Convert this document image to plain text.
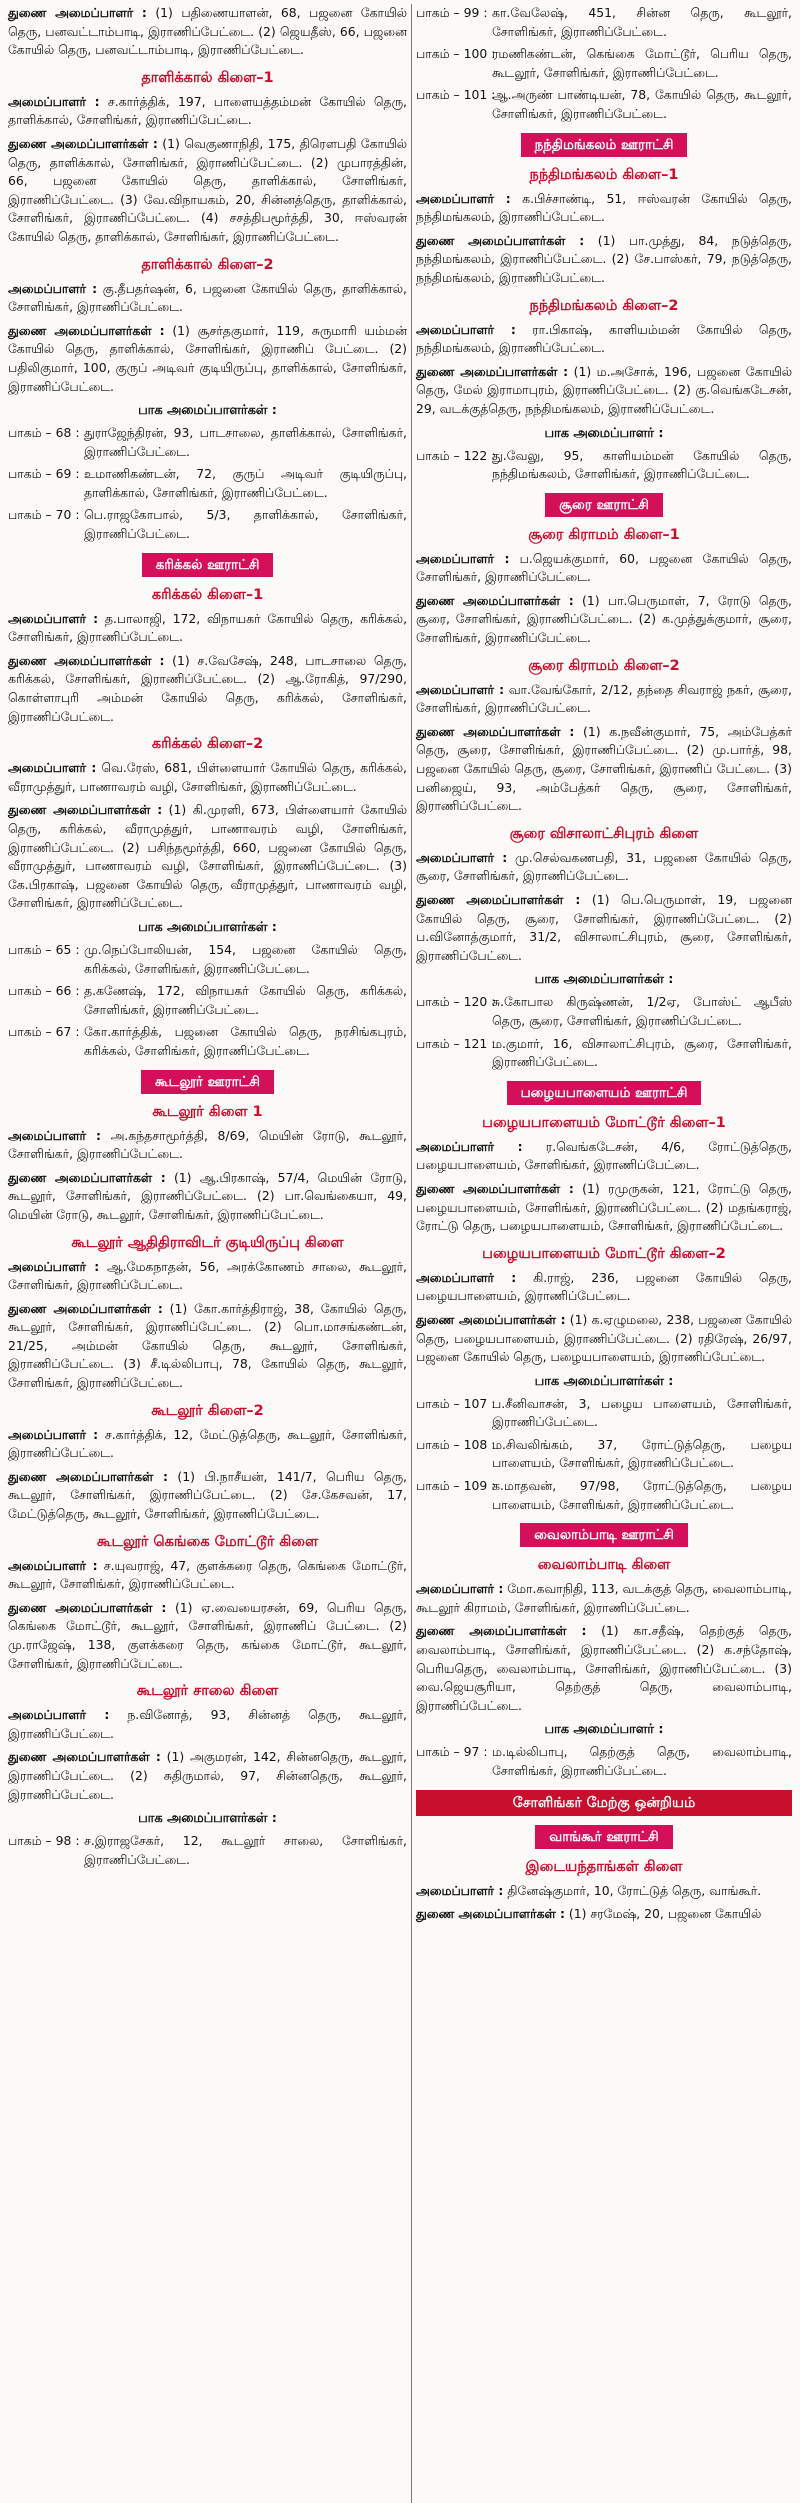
துணை அமைப்பாளர் : (1) பதிணையாளன், 68, பஜனை கோயில் தெரு, பனவட்டாம்பாடி, இராணிப்பேட்டை. (2) ஜெயதீஸ், 66, பஜனை கோயில் தெரு, பனவட்டாம்பாடி, இராணிப்பேட்டை.

தாளிக்கால் கிளை–1

அமைப்பாளர் : ச.கார்த்திக், 197, பாளையத்தம்மன் கோயில் தெரு, தாளிக்கால், சோளிங்கர், இராணிப்பேட்டை.

துணை அமைப்பாளர்கள் : (1) வெகுணாநிதி, 175, திரௌபதி கோயில் தெரு, தாளிக்கால், சோளிங்கர், இராணிப்பேட்டை. (2) முபாரத்தின், 66, பஜனை கோயில் தெரு, தாளிக்கால், சோளிங்கர், இராணிப்பேட்டை. (3) வே.விநாயகம், 20, சின்னத்தெரு, தாளிக்கால், சோளிங்கர், இராணிப்பேட்டை. (4) சசத்திபமூர்த்தி, 30, ஈஸ்வரன் கோயில் தெரு, தாளிக்கால், சோளிங்கர், இராணிப்பேட்டை.

தாளிக்கால் கிளை–2

அமைப்பாளர் : கு.தீபதர்ஷன், 6, பஜனை கோயில் தெரு, தாளிக்கால், சோளிங்கர், இராணிப்பேட்டை.

துணை அமைப்பாளர்கள் : (1) சூசர்தகுமார், 119, சுருமாரி யம்மன் கோயில் தெரு, தாளிக்கால், சோளிங்கர், இராணிப் பேட்டை. (2) பதிலிகுமார், 100, குருப் அடிவர் குடியிருப்பு, தாளிக்கால், சோளிங்கர், இராணிப்பேட்டை.

பாக அமைப்பாளர்கள் :
பாகம் – 68 : துராஜேந்திரன், 93, பாடசாலை, தாளிக்கால், சோளிங்கர், இராணிப்பேட்டை.
பாகம் – 69 : உமாணிகண்டன், 72, குருப் அடிவர் குடியிருப்பு, தாளிக்கால், சோளிங்கர், இராணிப்பேட்டை.
பாகம் – 70 : பெ.ராஜகோபால், 5/3, தாளிக்கால், சோளிங்கர், இராணிப்பேட்டை.
கரிக்கல் ஊராட்சி
கரிக்கல் கிளை–1

அமைப்பாளர் : த.பாலாஜி, 172, விநாயகர் கோயில் தெரு, கரிக்கல், சோளிங்கர், இராணிப்பேட்டை.

துணை அமைப்பாளர்கள் : (1) ச.வேசேஷ், 248, பாடசாலை தெரு, கரிக்கல், சோளிங்கர், இராணிப்பேட்டை. (2) ஆ.ரோகித், 97/290, கொள்ளாபுரி அம்மன் கோயில் தெரு, கரிக்கல், சோளிங்கர், இராணிப்பேட்டை.

கரிக்கல் கிளை–2

அமைப்பாளர் : வெ.ரேஸ், 681, பிள்ளையார் கோயில் தெரு, கரிக்கல், வீராமுத்துர், பாணாவரம் வழி, சோளிங்கர், இராணிப்பேட்டை.

துணை அமைப்பாளர்கள் : (1) கி.முரளி, 673, பிள்ளையார் கோயில் தெரு, கரிக்கல், வீராமுத்துர், பாணாவரம் வழி, சோளிங்கர், இராணிப்பேட்டை. (2) பசிந்தமூர்த்தி, 660, பஜனை கோயில் தெரு, வீராமுத்துர், பாணாவரம் வழி, சோளிங்கர், இராணிப்பேட்டை. (3) கே.பிரகாஷ், பஜனை கோயில் தெரு, வீராமுத்துர், பாணாவரம் வழி, சோளிங்கர், இராணிப்பேட்டை.

பாக அமைப்பாளர்கள் :
பாகம் – 65 : மு.நெப்போலியன், 154, பஜனை கோயில் தெரு, கரிக்கல், சோளிங்கர், இராணிப்பேட்டை.
பாகம் – 66 : த.கணேஷ், 172, விநாயகர் கோயில் தெரு, கரிக்கல், சோளிங்கர், இராணிப்பேட்டை.
பாகம் – 67 : கோ.கார்த்திக், பஜனை கோயில் தெரு, நரசிங்கபுரம், கரிக்கல், சோளிங்கர், இராணிப்பேட்டை.
கூடலூர் ஊராட்சி
கூடலூர் கிளை 1

அமைப்பாளர் : அ.கந்தசாமூர்த்தி, 8/69, மெயின் ரோடு, கூடலூர், சோளிங்கர், இராணிப்பேட்டை.

துணை அமைப்பாளர்கள் : (1) ஆ.பிரகாஷ், 57/4, மெயின் ரோடு, கூடலூர், சோளிங்கர், இராணிப்பேட்டை. (2) பா.வெங்கையா, 49, மெயின் ரோடு, கூடலூர், சோளிங்கர், இராணிப்பேட்டை.

கூடலூர் ஆதிதிராவிடர் குடியிருப்பு கிளை

அமைப்பாளர் : ஆ.மேகநாதன், 56, அரக்கோணம் சாலை, கூடலூர், சோளிங்கர், இராணிப்பேட்டை.

துணை அமைப்பாளர்கள் : (1) கோ.கார்த்திராஜ், 38, கோயில் தெரு, கூடலூர், சோளிங்கர், இராணிப்பேட்டை. (2) பொ.மாசங்கண்டன், 21/25, அம்மன் கோயில் தெரு, கூடலூர், சோளிங்கர், இராணிப்பேட்டை. (3) சீ.டில்லிபாபு, 78, கோயில் தெரு, கூடலூர், சோளிங்கர், இராணிப்பேட்டை.

கூடலூர் கிளை–2

அமைப்பாளர் : ச.கார்த்திக், 12, மேட்டுத்தெரு, கூடலூர், சோளிங்கர், இராணிப்பேட்டை.

துணை அமைப்பாளர்கள் : (1) பி.நாசீயன், 141/7, பெரிய தெரு, கூடலூர், சோளிங்கர், இராணிப்பேட்டை. (2) சே.கேசவன், 17, மேட்டுத்தெரு, கூடலூர், சோளிங்கர், இராணிப்பேட்டை.

கூடலூர் கெங்கை மோட்டூர் கிளை

அமைப்பாளர் : ச.யுவராஜ், 47, குளக்கரை தெரு, கெங்கை மோட்டூர், கூடலூர், சோளிங்கர், இராணிப்பேட்டை.

துணை அமைப்பாளர்கள் : (1) ஏ.வையைரசன், 69, பெரிய தெரு, கெங்கை மோட்டூர், கூடலூர், சோளிங்கர், இராணிப் பேட்டை. (2) மு.ராஜேஷ், 138, குளக்கரை தெரு, கங்கை மோட்டூர், கூடலூர், சோளிங்கர், இராணிப்பேட்டை.

கூடலூர் சாலை கிளை

அமைப்பாளர் : ந.வினோத், 93, சின்னத் தெரு, கூடலூர், இராணிப்பேட்டை.

துணை அமைப்பாளர்கள் : (1) அகுமரன், 142, சின்னதெரு, கூடலூர், இராணிப்பேட்டை. (2) சுதிருமால், 97, சின்னதெரு, கூடலூர், இராணிப்பேட்டை.

பாக அமைப்பாளர்கள் :
பாகம் – 98 : ச.இராஜசேகர், 12, கூடலூர் சாலை, சோளிங்கர், இராணிப்பேட்டை.
பாகம் – 99 : கா.வேலேஷ், 451, சின்ன தெரு, கூடலூர், சோளிங்கர், இராணிப்பேட்டை.
பாகம் – 100 :
ரமணிகண்டன், கெங்கை மோட்டூர், பெரிய தெரு, கூடலூர், சோளிங்கர், இராணிப்பேட்டை.
பாகம் – 101 :
ஆ.அருண் பாண்டியன், 78, கோயில் தெரு, கூடலூர், சோளிங்கர், இராணிப்பேட்டை.
நந்திமங்கலம் ஊராட்சி
நந்திமங்கலம் கிளை–1

அமைப்பாளர் : க.பிச்சாண்டி, 51, ஈஸ்வரன் கோயில் தெரு, நந்திமங்கலம், இராணிப்பேட்டை.

துணை அமைப்பாளர்கள் : (1) பா.முத்து, 84, நடுத்தெரு, நந்திமங்கலம், இராணிப்பேட்டை. (2) சே.பாஸ்கர், 79, நடுத்தெரு, நந்திமங்கலம், இராணிப்பேட்டை.

நந்திமங்கலம் கிளை–2

அமைப்பாளர் : ரா.பிகாஷ், காளியம்மன் கோயில் தெரு, நந்திமங்கலம், இராணிப்பேட்டை.

துணை அமைப்பாளர்கள் : (1) ம.அசோக், 196, பஜனை கோயில் தெரு, மேல் இராமாபுரம், இராணிப்பேட்டை. (2) கு.வெங்கடேசன், 29, வடக்குத்தெரு, நந்திமங்கலம், இராணிப்பேட்டை.

பாக அமைப்பாளர் :
பாகம் – 122 :
து.வேலு, 95, காளியம்மன் கோயில் தெரு, நந்திமங்கலம், சோளிங்கர், இராணிப்பேட்டை.
சூரை ஊராட்சி
சூரை கிராமம் கிளை–1

அமைப்பாளர் : ப.ஜெயக்குமார், 60, பஜனை கோயில் தெரு, சோளிங்கர், இராணிப்பேட்டை.

துணை அமைப்பாளர்கள் : (1) பா.பெருமாள், 7, ரோடு தெரு, சூரை, சோளிங்கர், இராணிப்பேட்டை. (2) க.முத்துக்குமார், சூரை, சோளிங்கர், இராணிப்பேட்டை.

சூரை கிராமம் கிளை–2

அமைப்பாளர் : வா.வேங்கோர், 2/12, தந்தை சிவராஜ் நகர், சூரை, சோளிங்கர், இராணிப்பேட்டை.

துணை அமைப்பாளர்கள் : (1) க.நவீன்குமார், 75, அம்பேத்கர் தெரு, சூரை, சோளிங்கர், இராணிப்பேட்டை. (2) மு.பார்த், 98, பஜனை கோயில் தெரு, சூரை, சோளிங்கர், இராணிப் பேட்டை. (3) பனிஜைய், 93, அம்பேத்கர் தெரு, சூரை, சோளிங்கர், இராணிப்பேட்டை.

சூரை விசாலாட்சிபுரம் கிளை

அமைப்பாளர் : மு.செல்வகணபதி, 31, பஜனை கோயில் தெரு, சூரை, சோளிங்கர், இராணிப்பேட்டை.

துணை அமைப்பாளர்கள் : (1) பெ.பெருமாள், 19, பஜனை கோயில் தெரு, சூரை, சோளிங்கர், இராணிப்பேட்டை. (2) ப.வினோத்குமார், 31/2, விசாலாட்சிபுரம், சூரை, சோளிங்கர், இராணிப்பேட்டை.

பாக அமைப்பாளர்கள் :
பாகம் – 120 :
சு.கோபால கிருஷ்ணன், 1/2ஏ, போஸ்ட் ஆபீஸ் தெரு, சூரை, சோளிங்கர், இராணிப்பேட்டை.
பாகம் – 121 :
ம.குமார், 16, விசாலாட்சிபுரம், சூரை, சோளிங்கர், இராணிப்பேட்டை.
பழையபாளையம் ஊராட்சி
பழையபாளையம் மோட்டூர் கிளை–1

அமைப்பாளர் : ர.வெங்கடேசன், 4/6, ரோட்டுத்தெரு, பழையபாளையம், சோளிங்கர், இராணிப்பேட்டை.

துணை அமைப்பாளர்கள் : (1) ரமுருகன், 121, ரோட்டு தெரு, பழையபாளையம், சோளிங்கர், இராணிப்பேட்டை. (2) மதங்கராஜ், ரோட்டு தெரு, பழையபாளையம், சோளிங்கர், இராணிப்பேட்டை.

பழையபாளையம் மோட்டூர் கிளை–2

அமைப்பாளர் : கி.ராஜ், 236, பஜனை கோயில் தெரு, பழையபாளையம், இராணிப்பேட்டை.

துணை அமைப்பாளர்கள் : (1) க.ஏழுமலை, 238, பஜனை கோயில் தெரு, பழையபாளையம், இராணிப்பேட்டை. (2) ரதிரேஷ், 26/97, பஜனை கோயில் தெரு, பழையபாளையம், இராணிப்பேட்டை.

பாக அமைப்பாளர்கள் :
பாகம் – 107 :
ப.சீனிவாசன், 3, பழைய பாளையம், சோளிங்கர், இராணிப்பேட்டை.
பாகம் – 108 :
ம.சிவலிங்கம், 37, ரோட்டுத்தெரு, பழைய பாளையம், சோளிங்கர், இராணிப்பேட்டை.
பாகம் – 109 :
க.மாதவன், 97/98, ரோட்டுத்தெரு, பழைய பாளையம், சோளிங்கர், இராணிப்பேட்டை.
வைலாம்பாடி ஊராட்சி
வைலாம்பாடி கிளை

அமைப்பாளர் : மோ.கவாநிதி, 113, வடக்குத் தெரு, வைலாம்பாடி, கூடலூர் கிராமம், சோளிங்கர், இராணிப்பேட்டை.

துணை அமைப்பாளர்கள் : (1) கா.சதீஷ், தெற்குத் தெரு, வைலாம்பாடி, சோளிங்கர், இராணிப்பேட்டை. (2) க.சந்தோஷ், பெரியதெரு, வைலாம்பாடி, சோளிங்கர், இராணிப்பேட்டை. (3) வை.ஜெயசூரியா, தெற்குத் தெரு, வைலாம்பாடி, இராணிப்பேட்டை.

பாக அமைப்பாளர் :
பாகம் – 97 : ம.டில்லிபாபு, தெற்குத் தெரு, வைலாம்பாடி, சோளிங்கர், இராணிப்பேட்டை.
சோளிங்கர் மேற்கு ஒன்றியம்
வாங்கூர் ஊராட்சி
இடையந்தாங்கள் கிளை

அமைப்பாளர் : தினேஷ்குமார், 10, ரோட்டுத் தெரு, வாங்கூர்.

துணை அமைப்பாளர்கள் : (1) சரமேஷ், 20, பஜனை கோயில்
